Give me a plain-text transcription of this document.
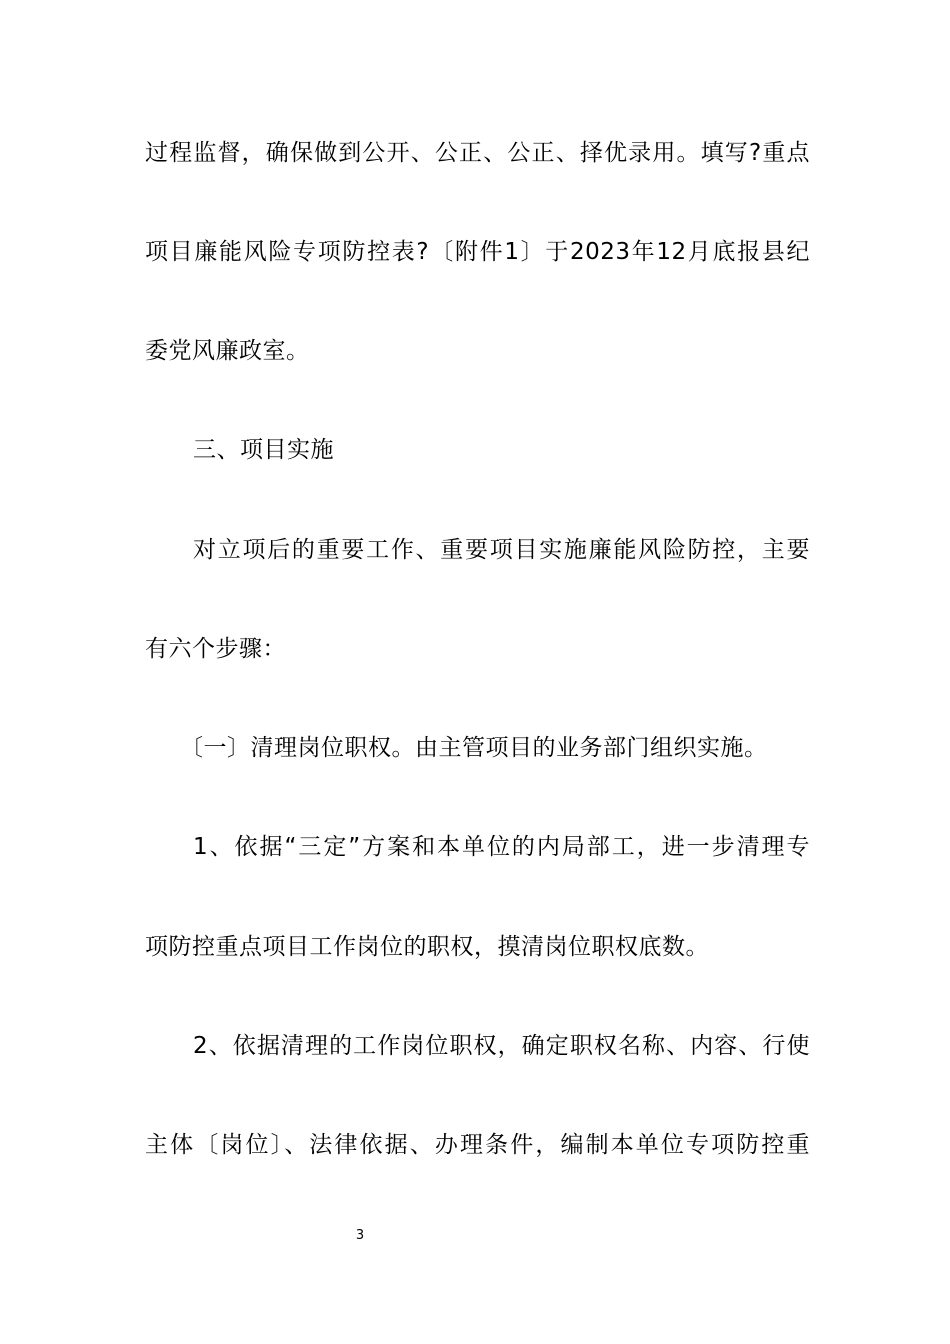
过程监督，确保做到公开、公正、公正、择优录用。填写?重点
项目廉能风险专项防控表?〔附件1〕于2023年12月底报县纪
委党风廉政室。
三、项目实施
对立项后的重要工作、重要项目实施廉能风险防控，主要
有六个步骤：
〔一〕清理岗位职权。由主管项目的业务部门组织实施。
1、依据“三定”方案和本单位的内局部工，进一步清理专
项防控重点项目工作岗位的职权，摸清岗位职权底数。
2、依据清理的工作岗位职权，确定职权名称、内容、行使
主体〔岗位〕、法律依据、办理条件，编制本单位专项防控重
3
